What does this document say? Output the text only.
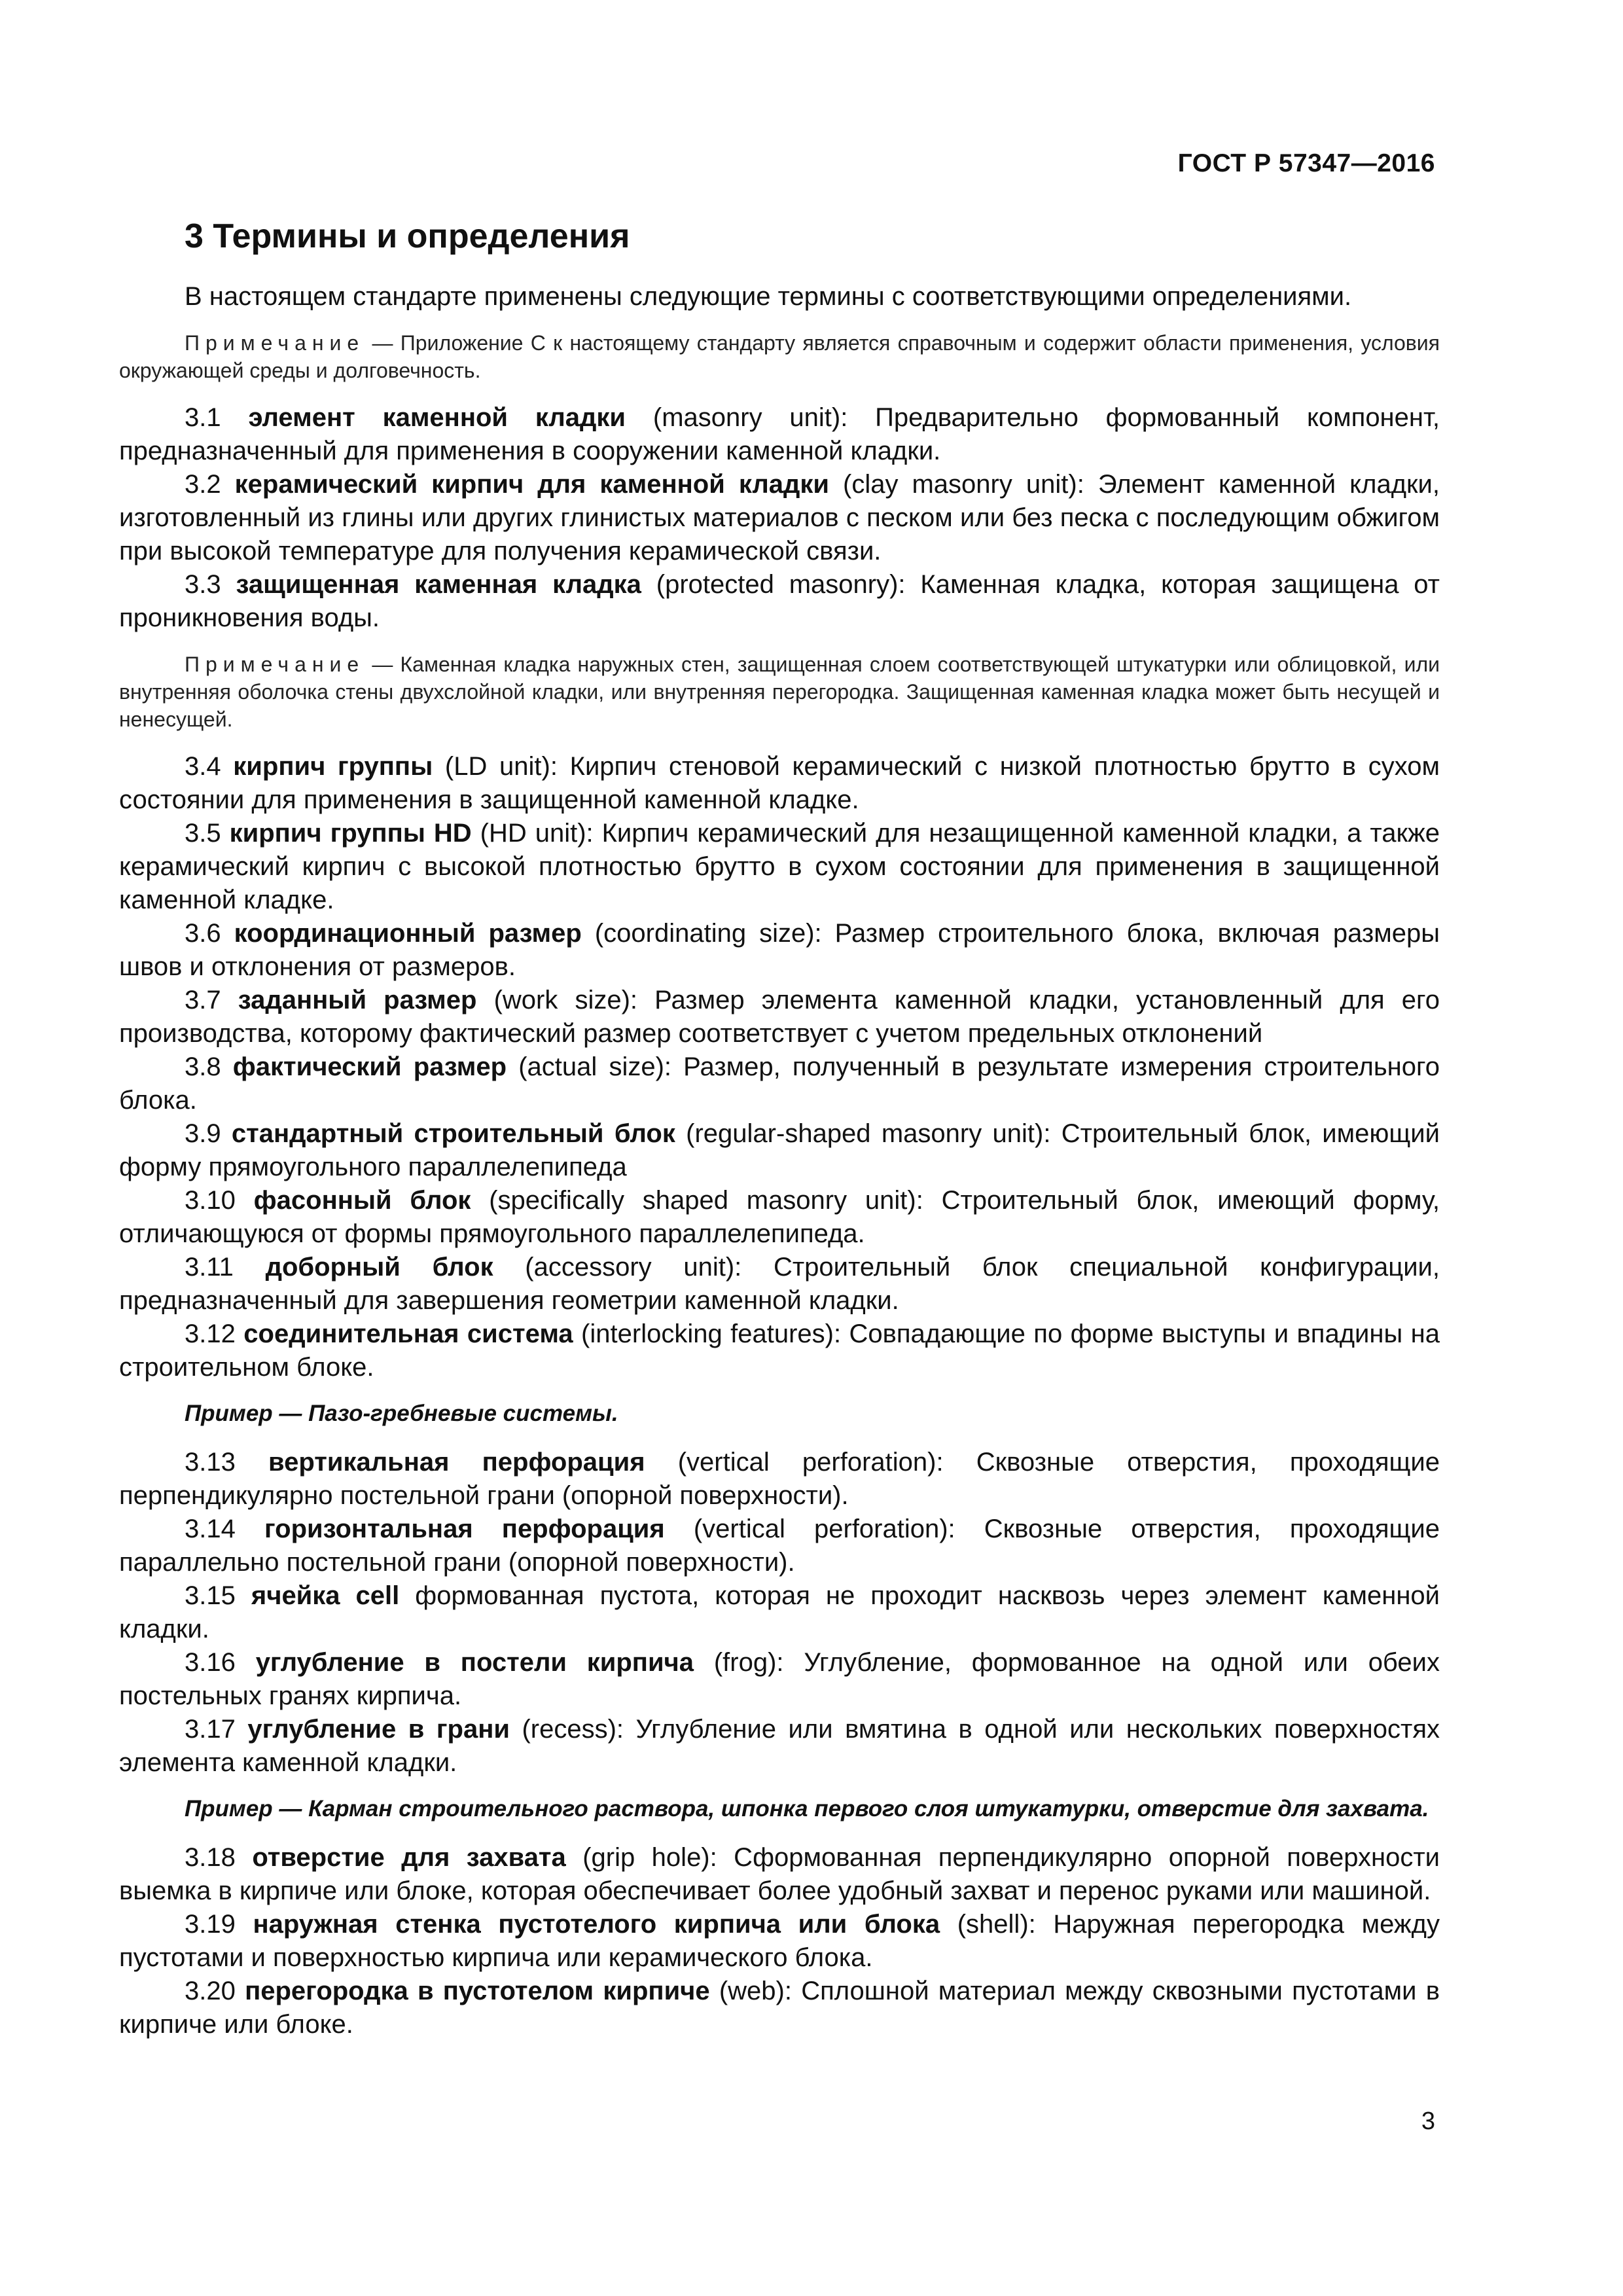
ГОСТ Р 57347—2016
3 Термины и определения

В настоящем стандарте применены следующие термины с соответствующими определениями.

Примечание — Приложение С к настоящему стандарту является справочным и содержит области применения, условия окружающей среды и долговечность.

3.1 элемент каменной кладки (masonry unit): Предварительно формованный компонент, предназначенный для применения в сооружении каменной кладки.

3.2 керамический кирпич для каменной кладки (clay masonry unit): Элемент каменной кладки, изготовленный из глины или других глинистых материалов с песком или без песка с последующим обжигом при высокой температуре для получения керамической связи.

3.3 защищенная каменная кладка (protected masonry): Каменная кладка, которая защищена от проникновения воды.

Примечание — Каменная кладка наружных стен, защищенная слоем соответствующей штукатурки или облицовкой, или внутренняя оболочка стены двухслойной кладки, или внутренняя перегородка. Защищенная каменная кладка может быть несущей и ненесущей.

3.4 кирпич группы (LD unit): Кирпич стеновой керамический с низкой плотностью брутто в сухом состоянии для применения в защищенной каменной кладке.

3.5 кирпич группы HD (HD unit): Кирпич керамический для незащищенной каменной кладки, а также керамический кирпич с высокой плотностью брутто в сухом состоянии для применения в защищенной каменной кладке.

3.6 координационный размер (coordinating size): Размер строительного блока, включая размеры швов и отклонения от размеров.

3.7 заданный размер (work size): Размер элемента каменной кладки, установленный для его производства, которому фактический размер соответствует с учетом предельных отклонений

3.8 фактический размер (actual size): Размер, полученный в результате измерения строительного блока.

3.9 стандартный строительный блок (regular-shaped masonry unit): Строительный блок, имеющий форму прямоугольного параллелепипеда

3.10 фасонный блок (specifically shaped masonry unit): Строительный блок, имеющий форму, отличающуюся от формы прямоугольного параллелепипеда.

3.11 доборный блок (accessory unit): Строительный блок специальной конфигурации, предназначенный для завершения геометрии каменной кладки.

3.12 соединительная система (interlocking features): Совпадающие по форме выступы и впадины на строительном блоке.

Пример — Пазо-гребневые системы.

3.13 вертикальная перфорация (vertical perforation): Сквозные отверстия, проходящие перпендикулярно постельной грани (опорной поверхности).

3.14 горизонтальная перфорация (vertical perforation): Сквозные отверстия, проходящие параллельно постельной грани (опорной поверхности).

3.15 ячейка cell формованная пустота, которая не проходит насквозь через элемент каменной кладки.

3.16 углубление в постели кирпича (frog): Углубление, формованное на одной или обеих постельных гранях кирпича.

3.17 углубление в грани (recess): Углубление или вмятина в одной или нескольких поверхностях элемента каменной кладки.

Пример — Карман строительного раствора, шпонка первого слоя штукатурки, отверстие для захвата.

3.18 отверстие для захвата (grip hole): Сформованная перпендикулярно опорной поверхности выемка в кирпиче или блоке, которая обеспечивает более удобный захват и перенос руками или машиной.

3.19 наружная стенка пустотелого кирпича или блока (shell): Наружная перегородка между пустотами и поверхностью кирпича или керамического блока.

3.20 перегородка в пустотелом кирпиче (web): Сплошной материал между сквозными пустотами в кирпиче или блоке.

3
